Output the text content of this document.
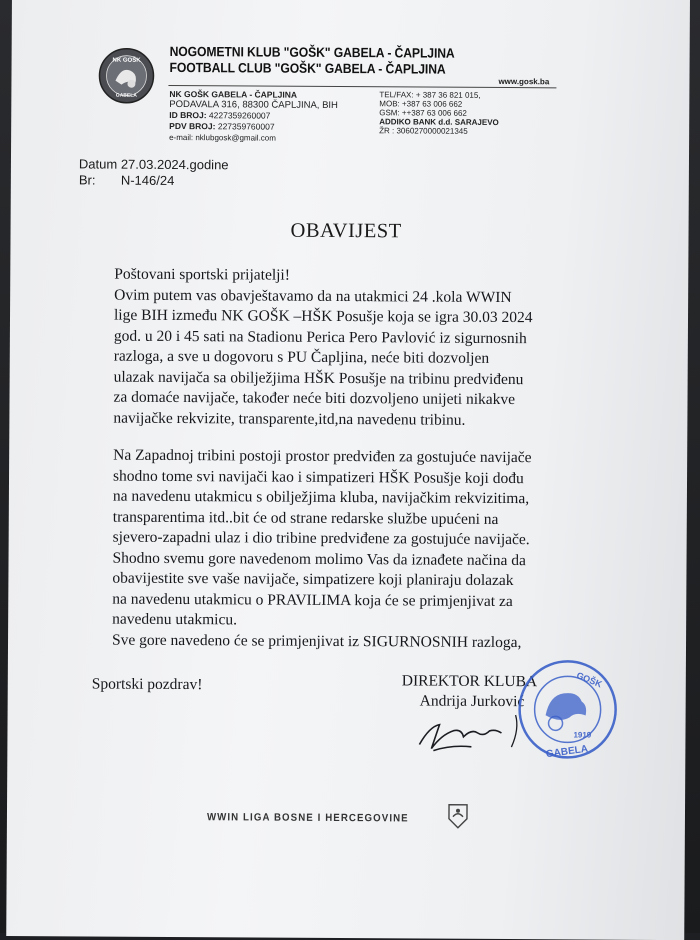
NK GOŠK
GABELA
NOGOMETNI KLUB "GOŠK" GABELA - ČAPLJINA
FOOTBALL CLUB "GOŠK" GABELA - ČAPLJINA
www.gosk.ba
NK GOŠK GABELA - ČAPLJINA
PODAVALA 316, 88300 ČAPLJINA, BIH
ID BROJ: 4227359260007
PDV BROJ: 227359760007
e-mail: nklubgosk@gmail.com
TEL/FAX: + 387 36 821 015,
MOB: +387 63 006 662
GSM: ++387 63 006 662
ADDIKO BANK d.d. SARAJEVO
ŽR : 3060270000021345
Datum 27.03.2024.godine
Br: N-146/24
OBAVIJEST
Poštovani sportski prijatelji!
Ovim putem vas obavještavamo da na utakmici 24 .kola WWIN
lige BIH između NK GOŠK –HŠK Posušje koja se igra 30.03 2024
god. u 20 i 45 sati na Stadionu Perica Pero Pavlović iz sigurnosnih
razloga, a sve u dogovoru s PU Čapljina, neće biti dozvoljen
ulazak navijača sa obilježjima HŠK Posušje na tribinu predviđenu
za domaće navijače, također neće biti dozvoljeno unijeti nikakve
navijačke rekvizite, transparente,itd,na navedenu tribinu.
Na Zapadnoj tribini postoji prostor predviđen za gostujuće navijače
shodno tome svi navijači kao i simpatizeri HŠK Posušje koji dođu
na navedenu utakmicu s obilježjima kluba, navijačkim rekvizitima,
transparentima itd..bit će od strane redarske službe upućeni na
sjevero-zapadni ulaz i dio tribine predviđene za gostujuće navijače.
Shodno svemu gore navedenom molimo Vas da iznađete načina da
obavijestite sve vaše navijače, simpatizere koji planiraju dolazak
na navedenu utakmicu o PRAVILIMA koja će se primjenjivat za
navedenu utakmicu.
Sve gore navedeno će se primjenjivat iz SIGURNOSNIH razloga,
Sportski pozdrav!	DIREKTOR KLUBA
Andrija Jurković
GOŠK
1919
GABELA
WWIN LIGA BOSNE I HERCEGOVINE
